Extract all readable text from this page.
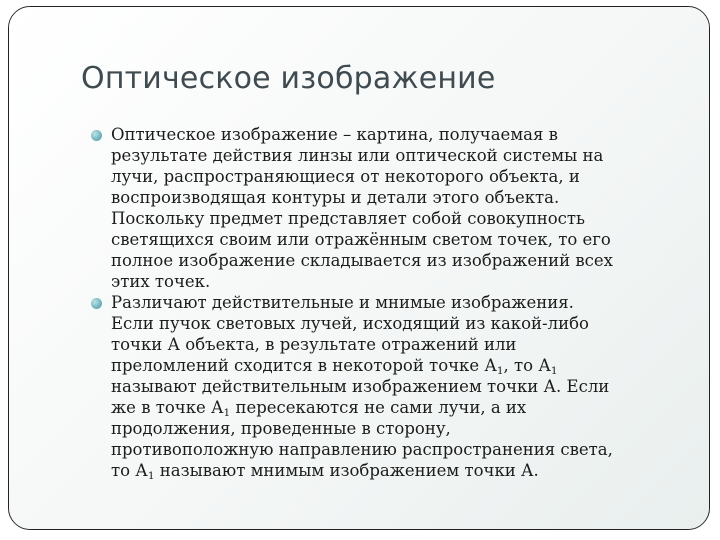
Оптическое изображение
Оптическое изображение – картина, получаемая в
результате действия линзы или оптической системы на
лучи, распространяющиеся от некоторого объекта, и
воспроизводящая контуры и детали этого объекта.
Поскольку предмет представляет собой совокупность
светящихся своим или отражённым светом точек, то его
полное изображение складывается из изображений всех
этих точек.
Различают действительные и мнимые изображения.
Если пучок световых лучей, исходящий из какой-либо
точки А объекта, в результате отражений или
преломлений сходится в некоторой точке $А_1$, то $А_1$
называют действительным изображением точки А. Если
же в точке $А_1$ пересекаются не сами лучи, а их
продолжения, проведенные в сторону,
противоположную направлению распространения света,
то $А_1$ называют мнимым изображением точки А.
